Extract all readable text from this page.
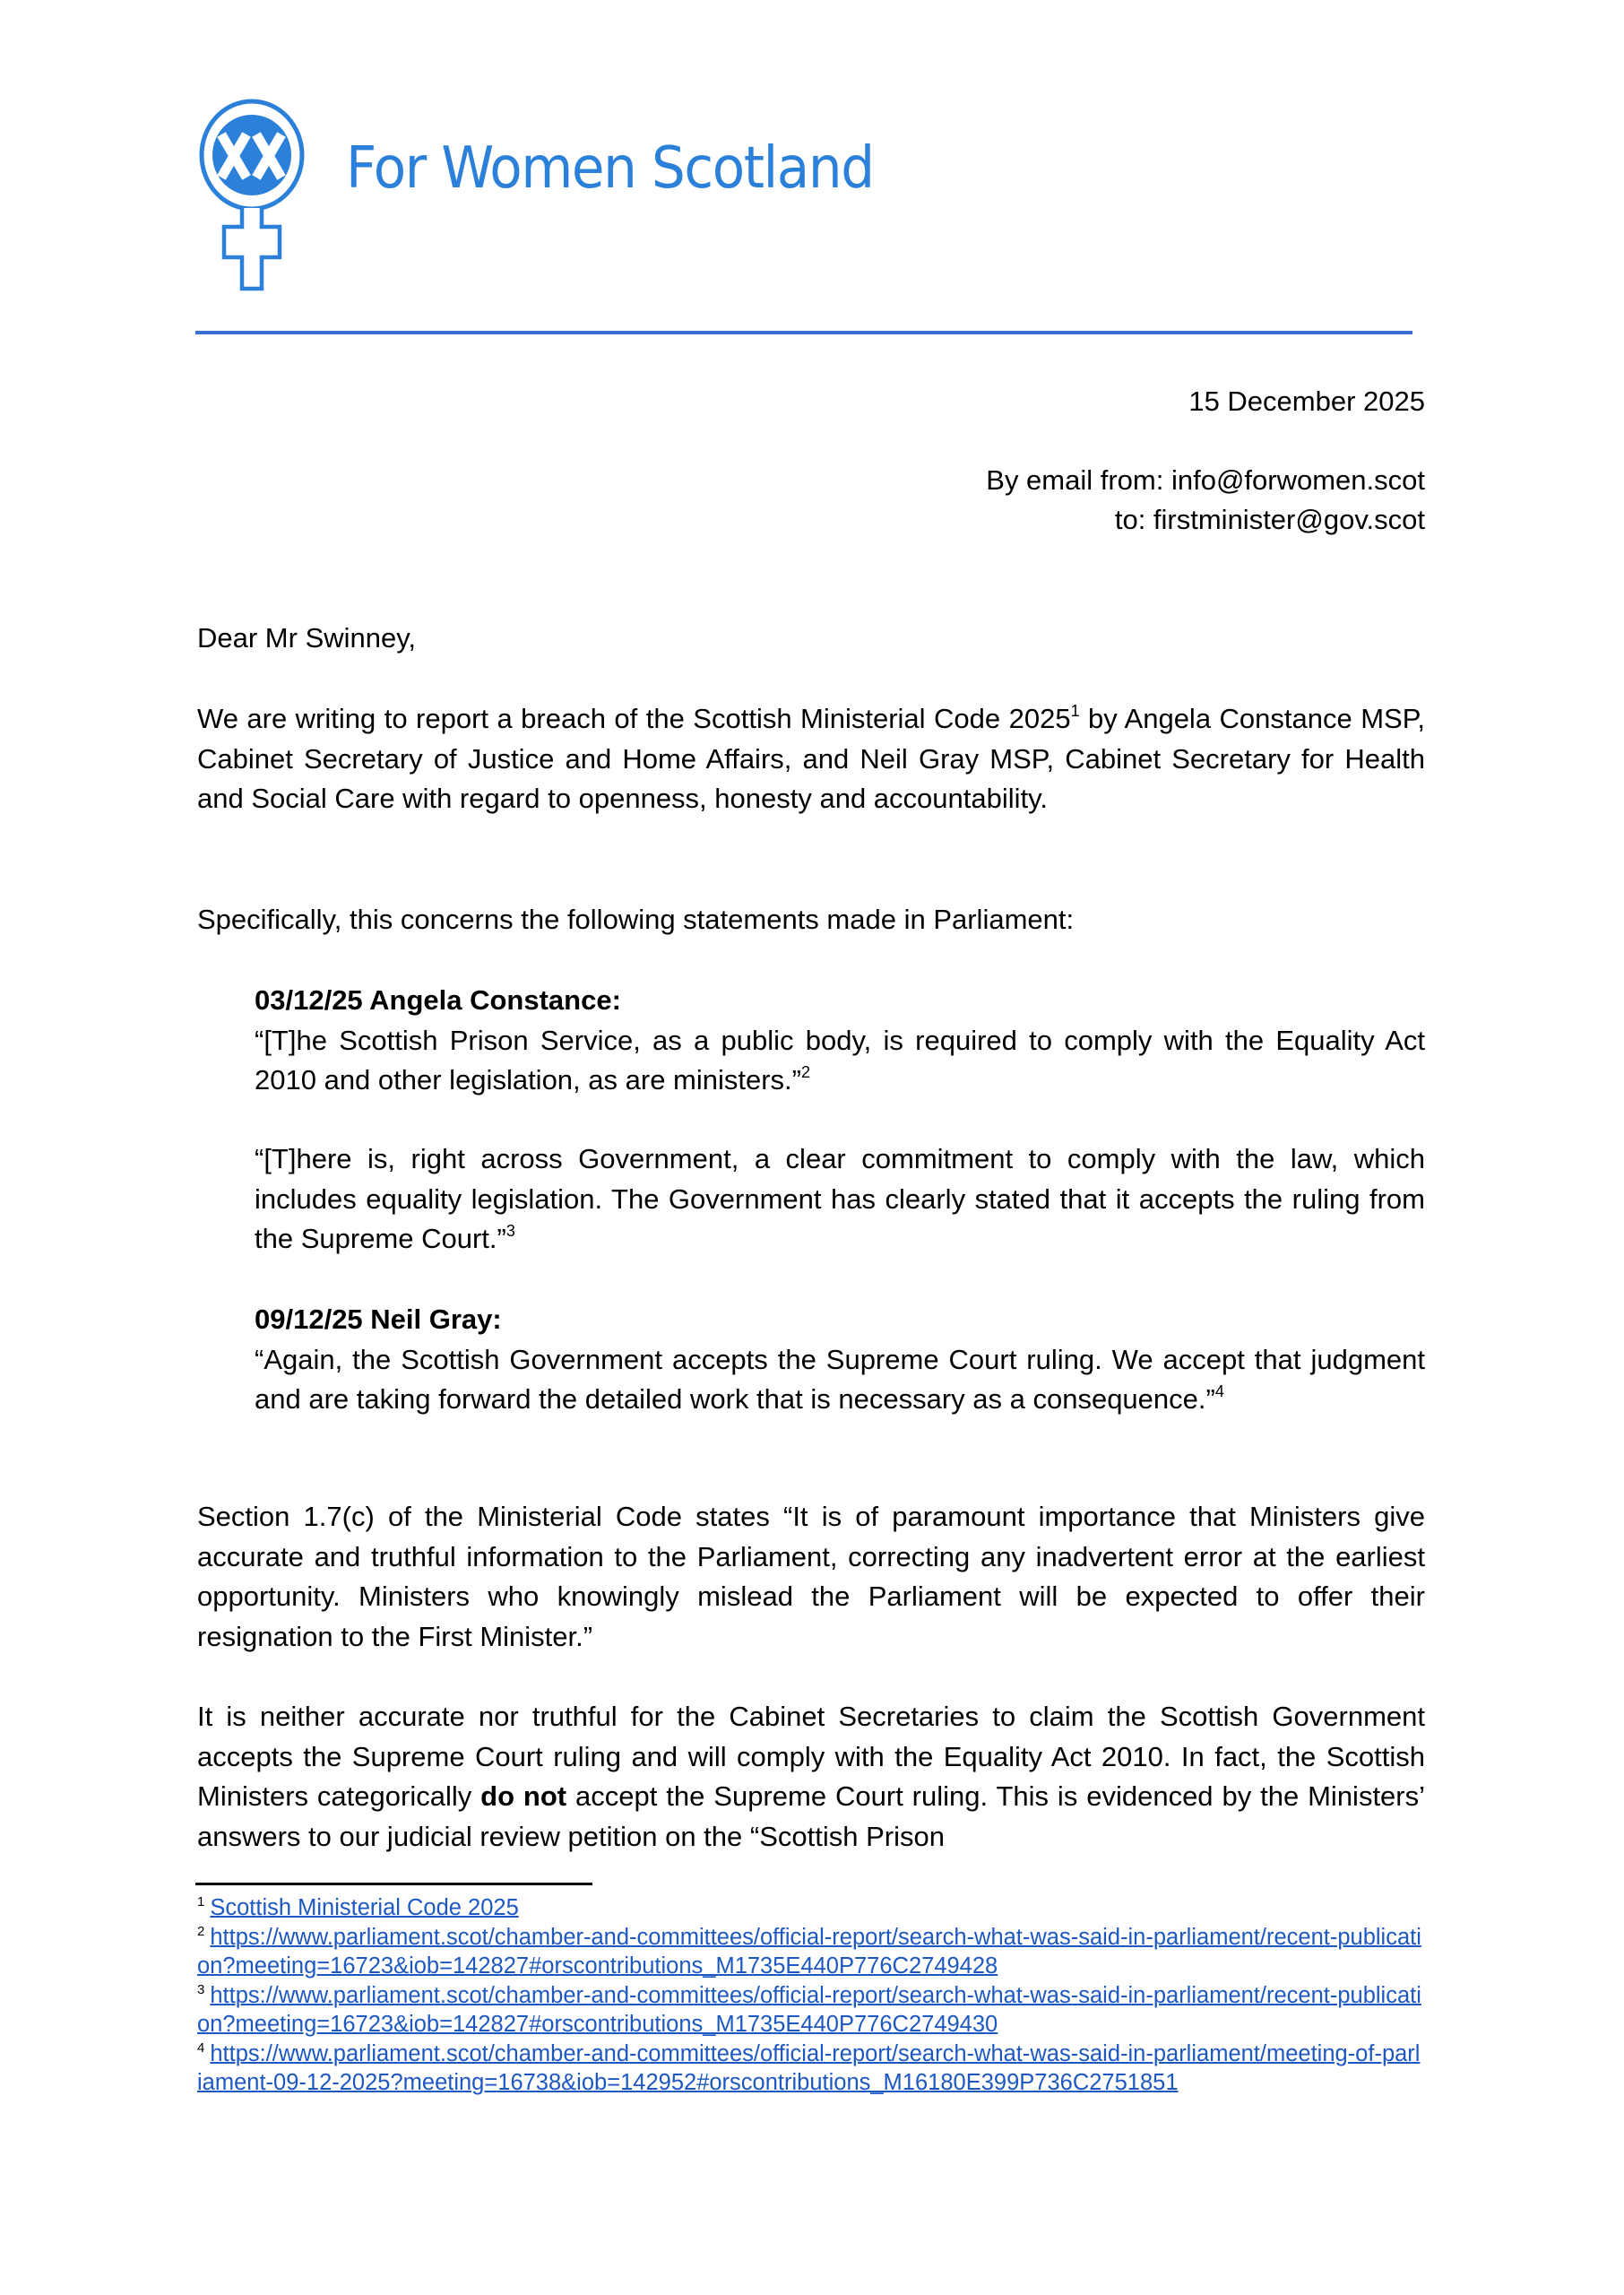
For Women Scotland
15 December 2025
By email from: info@forwomen.scot
to: firstminister@gov.scot
Dear Mr Swinney,

We are writing to report a breach of the Scottish Ministerial Code 2025$^1$ by Angela Constance MSP, Cabinet Secretary of Justice and Home Affairs, and Neil Gray MSP, Cabinet Secretary for Health and Social Care with regard to openness, honesty and accountability.

Specifically, this concerns the following statements made in Parliament:
03/12/25 Angela Constance:
“[T]he Scottish Prison Service, as a public body, is required to comply with the Equality Act 2010 and other legislation, as are ministers.”$^2$
“[T]here is, right across Government, a clear commitment to comply with the law, which includes equality legislation. The Government has clearly stated that it accepts the ruling from the Supreme Court.”$^3$
09/12/25 Neil Gray:
“Again, the Scottish Government accepts the Supreme Court ruling. We accept that judgment and are taking forward the detailed work that is necessary as a consequence.”$^4$
Section 1.7(c) of the Ministerial Code states “It is of paramount importance that Ministers give accurate and truthful information to the Parliament, correcting any inadvertent error at the earliest opportunity. Ministers who knowingly mislead the Parliament will be expected to offer their resignation to the First Minister.”

It is neither accurate nor truthful for the Cabinet Secretaries to claim the Scottish Government accepts the Supreme Court ruling and will comply with the Equality Act 2010. In fact, the Scottish Ministers categorically do not accept the Supreme Court ruling. This is evidenced by the Ministers’ answers to our judicial review petition on the “Scottish Prison

$^1$ Scottish Ministerial Code 2025

$^2$ https://www.parliament.scot/chamber-and-committees/official-report/search-what-was-said-in-parliament/recent-publication?meeting=16723&iob=142827#orscontributions_M1735E440P776C2749428

$^3$ https://www.parliament.scot/chamber-and-committees/official-report/search-what-was-said-in-parliament/recent-publication?meeting=16723&iob=142827#orscontributions_M1735E440P776C2749430

$^4$ https://www.parliament.scot/chamber-and-committees/official-report/search-what-was-said-in-parliament/meeting-of-parliament-09-12-2025?meeting=16738&iob=142952#orscontributions_M16180E399P736C2751851
